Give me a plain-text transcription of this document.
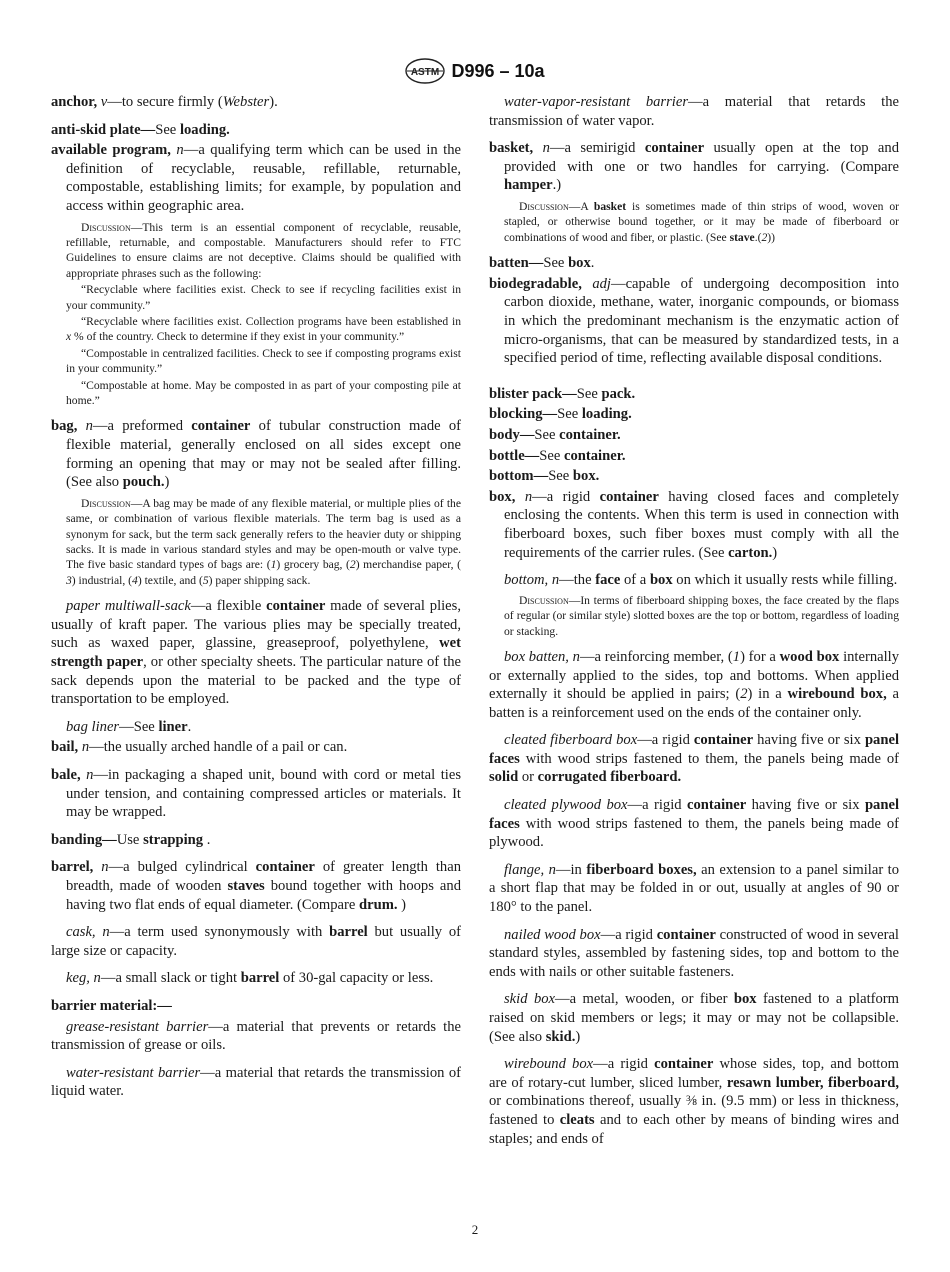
ASTM D996 – 10a

anchor, v—to secure firmly (Webster).

anti-skid plate—See loading.

available program, n—a qualifying term which can be used in the definition of recyclable, reusable, refillable, returnable, compostable, establishing limits; for example, by population and access within geographic area.

Discussion—This term is an essential component of recyclable, reusable, refillable, returnable, and compostable. Manufacturers should refer to FTC Guidelines to ensure claims are not deceptive. Claims should be qualified with appropriate phrases such as the following:

“Recyclable where facilities exist. Check to see if recycling facilities exist in your community.”

“Recyclable where facilities exist. Collection programs have been established in x % of the country. Check to determine if they exist in your community.”

“Compostable in centralized facilities. Check to see if composting programs exist in your community.”

“Compostable at home. May be composted in as part of your composting pile at home.”

bag, n—a preformed container of tubular construction made of flexible material, generally enclosed on all sides except one forming an opening that may or may not be sealed after filling. (See also pouch.)

Discussion—A bag may be made of any flexible material, or multiple plies of the same, or combination of various flexible materials. The term bag is used as a synonym for sack, but the term sack generally refers to the heavier duty or shipping sacks. It is made in various standard styles and may be open-mouth or valve type. The five basic standard types of bags are: (1) grocery bag, (2) merchandise paper, ( 3) industrial, (4) textile, and (5) paper shipping sack.

paper multiwall-sack—a flexible container made of several plies, usually of kraft paper. The various plies may be specially treated, such as waxed paper, glassine, greaseproof, polyethylene, wet strength paper, or other specialty sheets. The particular nature of the sack depends upon the material to be packed and the type of transportation to be employed.

bag liner—See liner.

bail, n—the usually arched handle of a pail or can.

bale, n—in packaging a shaped unit, bound with cord or metal ties under tension, and containing compressed articles or materials. It may be wrapped.

banding—Use strapping .

barrel, n—a bulged cylindrical container of greater length than breadth, made of wooden staves bound together with hoops and having two flat ends of equal diameter. (Compare drum. )

cask, n—a term used synonymously with barrel but usually of large size or capacity.

keg, n—a small slack or tight barrel of 30-gal capacity or less.

barrier material:—

grease-resistant barrier—a material that prevents or retards the transmission of grease or oils.

water-resistant barrier—a material that retards the transmission of liquid water.

water-vapor-resistant barrier—a material that retards the transmission of water vapor.

basket, n—a semirigid container usually open at the top and provided with one or two handles for carrying. (Compare hamper.)

Discussion—A basket is sometimes made of thin strips of wood, woven or stapled, or otherwise bound together, or it may be made of fiberboard or combinations of wood and fiber, or plastic. (See stave.(2))

batten—See box.

biodegradable, adj—capable of undergoing decomposition into carbon dioxide, methane, water, inorganic compounds, or biomass in which the predominant mechanism is the enzymatic action of micro-organisms, that can be measured by standardized tests, in a specified period of time, reflecting available disposal conditions.

blister pack—See pack.

blocking—See loading.

body—See container.

bottle—See container.

bottom—See box.

box, n—a rigid container having closed faces and completely enclosing the contents. When this term is used in connection with fiberboard boxes, such fiber boxes must comply with all the requirements of the carrier rules. (See carton.)

bottom, n—the face of a box on which it usually rests while filling.

Discussion—In terms of fiberboard shipping boxes, the face created by the flaps of regular (or similar style) slotted boxes are the top or bottom, regardless of loading or stacking.

box batten, n—a reinforcing member, (1) for a wood box internally or externally applied to the sides, top and bottoms. When applied externally it should be applied in pairs; (2) in a wirebound box, a batten is a reinforcement used on the ends of the container only.

cleated fiberboard box—a rigid container having five or six panel faces with wood strips fastened to them, the panels being made of solid or corrugated fiberboard.

cleated plywood box—a rigid container having five or six panel faces with wood strips fastened to them, the panels being made of plywood.

flange, n—in fiberboard boxes, an extension to a panel similar to a short flap that may be folded in or out, usually at angles of 90 or 180° to the panel.

nailed wood box—a rigid container constructed of wood in several standard styles, assembled by fastening sides, top and bottom to the ends with nails or other suitable fasteners.

skid box—a metal, wooden, or fiber box fastened to a platform raised on skid members or legs; it may or may not be collapsible. (See also skid.)

wirebound box—a rigid container whose sides, top, and bottom are of rotary-cut lumber, sliced lumber, resawn lumber, fiberboard, or combinations thereof, usually ⅜ in. (9.5 mm) or less in thickness, fastened to cleats and to each other by means of binding wires and staples; and ends of

2
